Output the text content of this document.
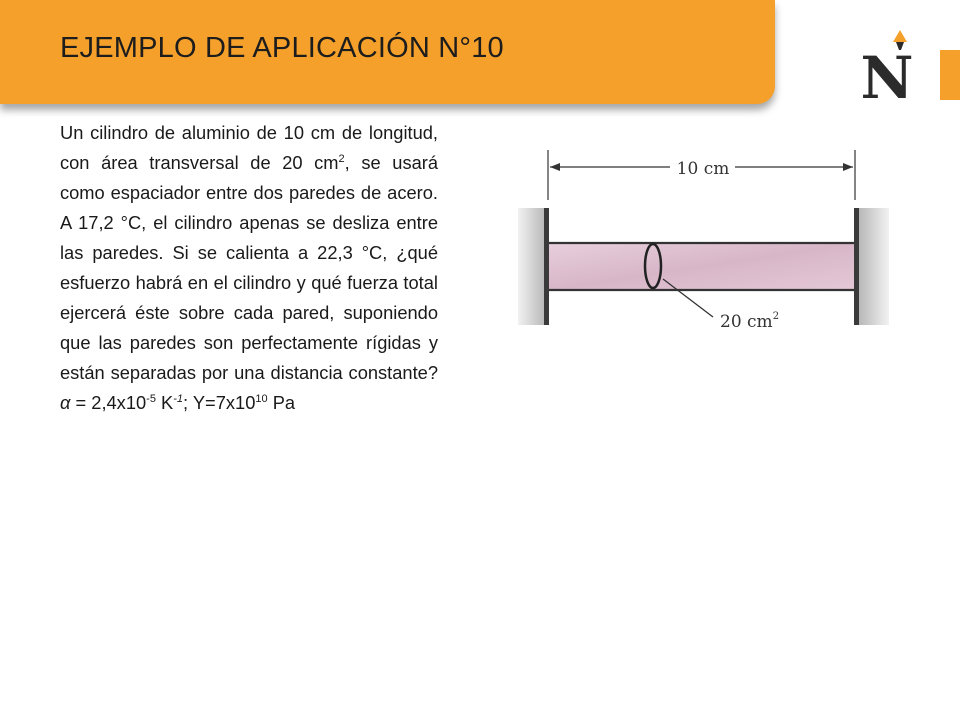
EJEMPLO DE APLICACIÓN N°10	N
Un cilindro de aluminio de 10 cm de longitud, con área transversal de 20 $cm^2$, se usará como espaciador entre dos paredes de acero. A 17,2 °C, el cilindro apenas se desliza entre las paredes. Si se calienta a 22,3 °C, ¿qué esfuerzo habrá en el cilindro y qué fuerza total ejercerá éste sobre cada pared, suponiendo que las paredes son perfectamente rígidas y están separadas por una distancia constante? $\alpha = 2,4x10^{-5}$ $K^{-1}$; $Y=7x10^{10}$ Pa
10 cm
20 $cm^2$
